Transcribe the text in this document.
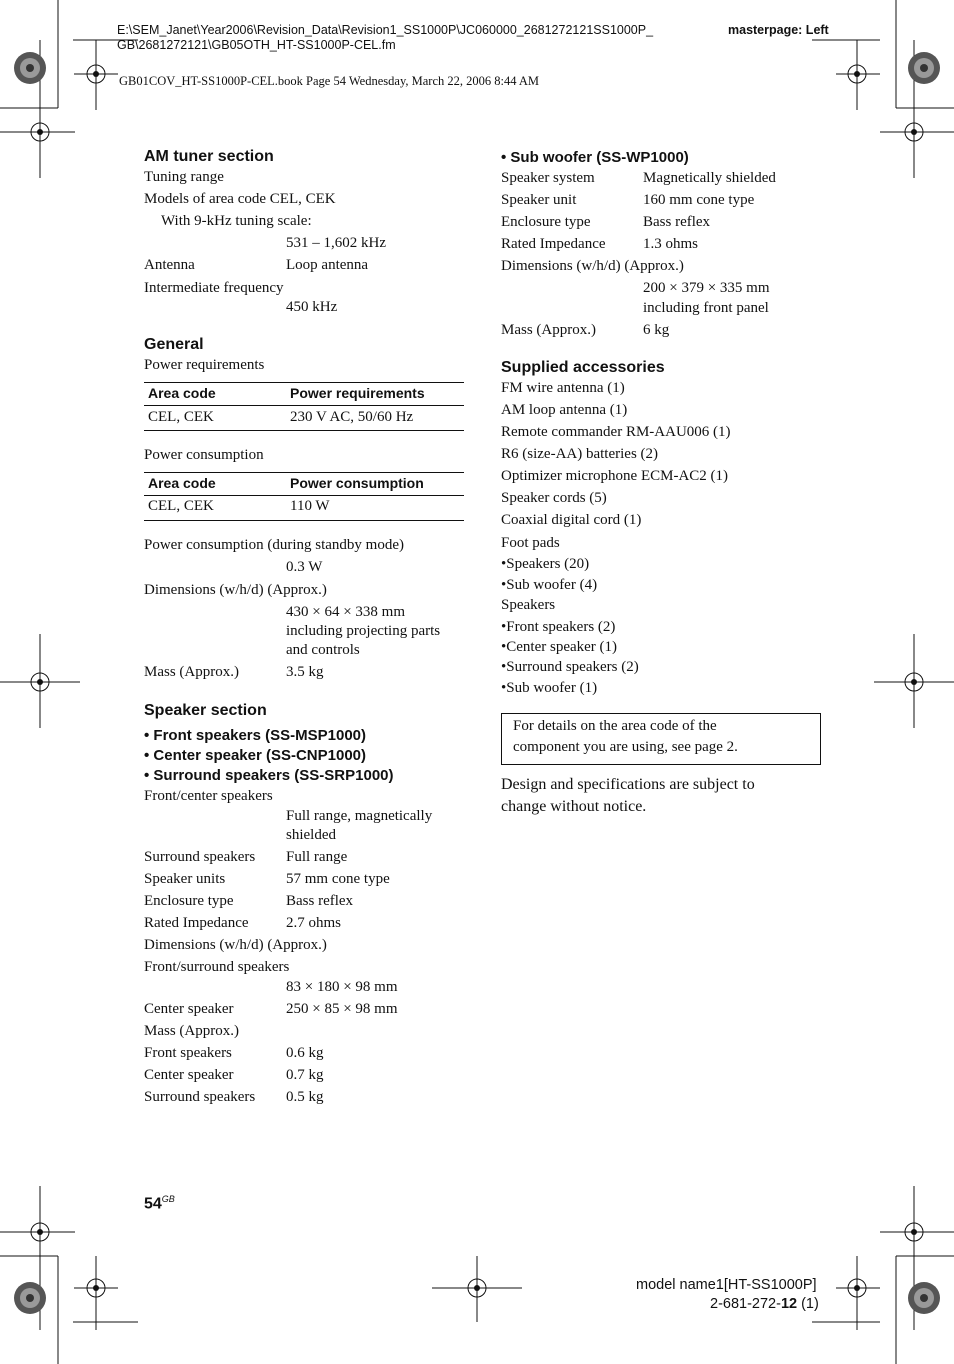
E:\SEM_Janet\Year2006\Revision_Data\Revision1_SS1000P\JC060000_2681272121SS1000P_
GB\2681272121\GB05OTH_HT-SS1000P-CEL.fm
masterpage: Left
GB01COV_HT-SS1000P-CEL.book Page 54 Wednesday, March 22, 2006 8:44 AM
AM tuner section
Tuning range
Models of area code CEL, CEK
With 9-kHz tuning scale:
531 – 1,602 kHz
Antenna	Loop antenna
Intermediate frequency
450 kHz
General
Power requirements
Area code	Power requirements
CEL, CEK	230 V AC, 50/60 Hz
Power consumption
Area code	Power consumption
CEL, CEK	110 W
Power consumption (during standby mode)
0.3 W
Dimensions (w/h/d) (Approx.)
430 × 64 × 338 mm
including projecting parts
and controls
Mass (Approx.)	3.5 kg
Speaker section
• Front speakers (SS-MSP1000)
• Center speaker (SS-CNP1000)
• Surround speakers (SS-SRP1000)
Front/center speakers
Full range, magnetically
shielded
Surround speakers Full range
Speaker units	57 mm cone type
Enclosure type	Bass reflex
Rated Impedance 2.7 ohms
Dimensions (w/h/d) (Approx.)
Front/surround speakers
83 × 180 × 98 mm
Center speaker	250 × 85 × 98 mm
Mass (Approx.)
Front speakers	0.6 kg
Center speaker	0.7 kg
Surround speakers 0.5 kg
• Sub woofer (SS-WP1000)
Speaker system	Magnetically shielded
Speaker unit	160 mm cone type
Enclosure type	Bass reflex
Rated Impedance 1.3 ohms
Dimensions (w/h/d) (Approx.)
200 × 379 × 335 mm
including front panel
Mass (Approx.)	6 kg
Supplied accessories
FM wire antenna (1)
AM loop antenna (1)
Remote commander RM-AAU006 (1)
R6 (size-AA) batteries (2)
Optimizer microphone ECM-AC2 (1)
Speaker cords (5)
Coaxial digital cord (1)
Foot pads
•Speakers (20)
•Sub woofer (4)
Speakers
•Front speakers (2)
•Center speaker (1)
•Surround speakers (2)
•Sub woofer (1)
For details on the area code of the
component you are using, see page 2.
Design and specifications are subject to
change without notice.
$54^{GB}$
model name1[HT-SS1000P]
2-681-272-12 (1)
